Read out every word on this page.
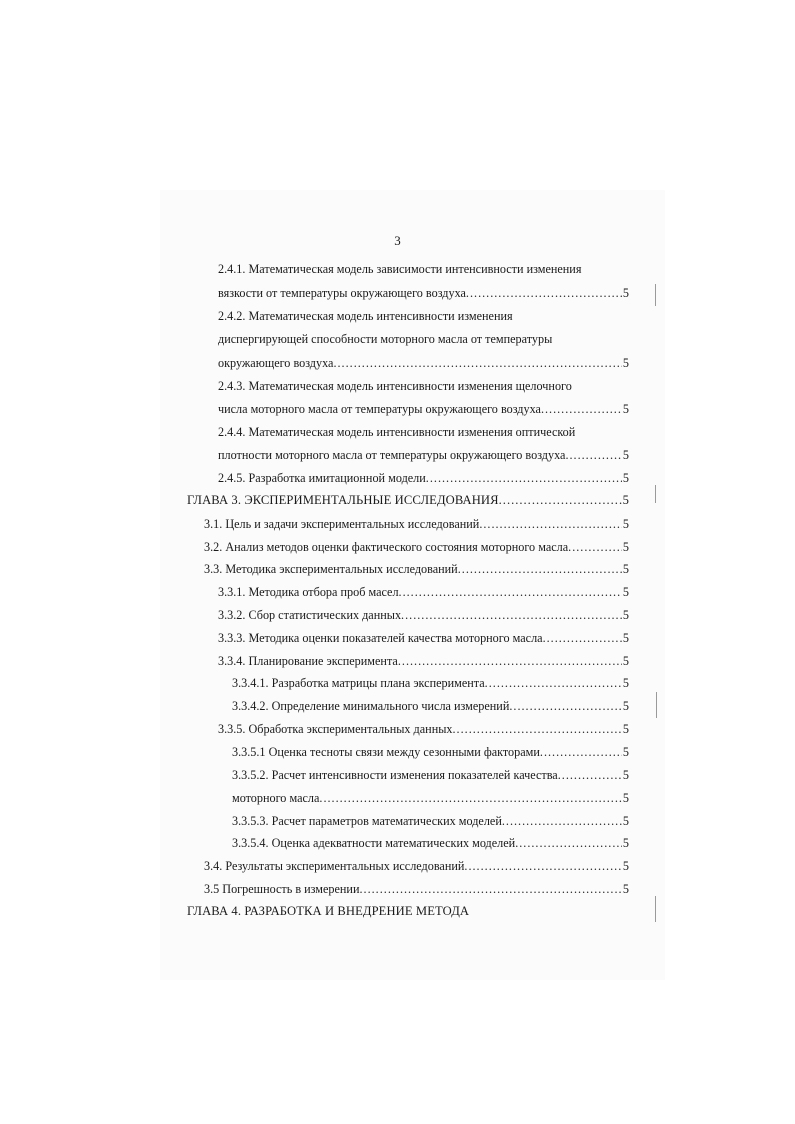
3
2.4.1. Математическая модель зависимости интенсивности изменения
вязкости от температуры окружающего воздуха .....	5
2.4.2. Математическая модель интенсивности изменения
диспергирующей способности моторного масла от температуры
окружающего воздуха .....	5
2.4.3. Математическая модель интенсивности изменения щелочного
числа моторного масла от температуры окружающего воздуха .....	5
2.4.4. Математическая модель интенсивности изменения оптической
плотности моторного масла от температуры окружающего воздуха .....	5
2.4.5. Разработка имитационной модели .....	5
ГЛАВА 3. ЭКСПЕРИМЕНТАЛЬНЫЕ ИССЛЕДОВАНИЯ .....	5
3.1. Цель и задачи экспериментальных исследований .....	5
3.2. Анализ методов оценки фактического состояния моторного масла .....	5
3.3. Методика экспериментальных исследований .....	5
3.3.1. Методика отбора проб масел .....	5
3.3.2. Сбор статистических данных .....	5
3.3.3. Методика оценки показателей качества моторного масла .....	5
3.3.4. Планирование эксперимента .....	5
3.3.4.1. Разработка матрицы плана эксперимента .....	5
3.3.4.2. Определение минимального числа измерений .....	5
3.3.5. Обработка экспериментальных данных .....	5
3.3.5.1 Оценка тесноты связи между сезонными факторами .....	5
3.3.5.2. Расчет интенсивности изменения показателей качества .....	5
моторного масла .....	5
3.3.5.3. Расчет параметров математических моделей .....	5
3.3.5.4. Оценка адекватности математических моделей .....	5
3.4. Результаты экспериментальных исследований .....	5
3.5 Погрешность в измерении .....	5
ГЛАВА 4. РАЗРАБОТКА И ВНЕДРЕНИЕ МЕТОДА
